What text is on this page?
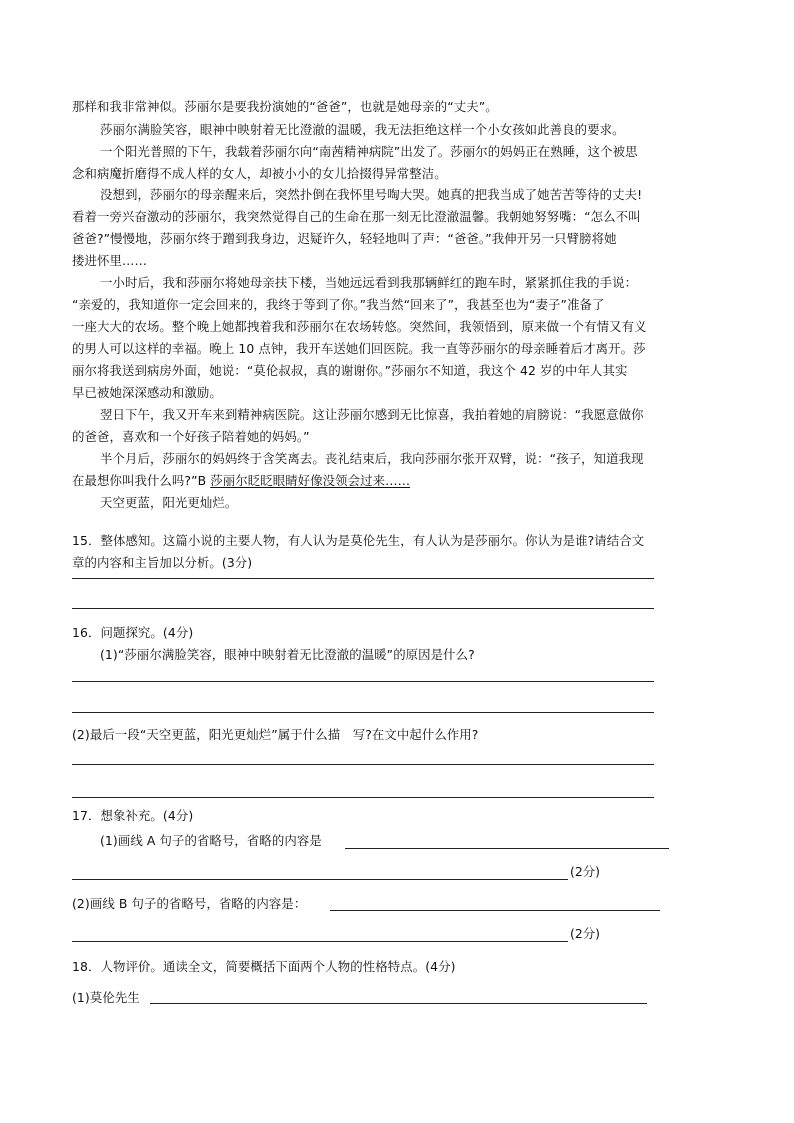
那样和我非常神似。莎丽尔是要我扮演她的“爸爸”，也就是她母亲的“丈夫”。
莎丽尔满脸笑容，眼神中映射着无比澄澈的温暖，我无法拒绝这样一个小女孩如此善良的要求。
一个阳光普照的下午，我载着莎丽尔向“南茜精神病院”出发了。莎丽尔的妈妈正在熟睡，这个被思
念和病魔折磨得不成人样的女人，却被小小的女儿拾掇得异常整洁。
没想到，莎丽尔的母亲醒来后，突然扑倒在我怀里号啕大哭。她真的把我当成了她苦苦等待的丈夫!
看着一旁兴奋激动的莎丽尔，我突然觉得自己的生命在那一刻无比澄澈温馨。我朝她努努嘴：“怎么不叫
爸爸?”慢慢地，莎丽尔终于蹭到我身边，迟疑许久，轻轻地叫了声：“爸爸。”我伸开另一只臂膀将她
搂进怀里……
一小时后，我和莎丽尔将她母亲扶下楼，当她远远看到我那辆鲜红的跑车时，紧紧抓住我的手说：
“亲爱的，我知道你一定会回来的，我终于等到了你。”我当然“回来了”，我甚至也为“妻子”准备了
一座大大的农场。整个晚上她都拽着我和莎丽尔在农场转悠。突然间，我领悟到，原来做一个有情又有义
的男人可以这样的幸福。晚上 10 点钟，我开车送她们回医院。我一直等莎丽尔的母亲睡着后才离开。莎
丽尔将我送到病房外面，她说：“莫伦叔叔，真的谢谢你。”莎丽尔不知道，我这个 42 岁的中年人其实
早已被她深深感动和激励。
翌日下午，我又开车来到精神病医院。这让莎丽尔感到无比惊喜，我拍着她的肩膀说：“我愿意做你
的爸爸，喜欢和一个好孩子陪着她的妈妈。”
半个月后，莎丽尔的妈妈终于含笑离去。丧礼结束后，我向莎丽尔张开双臂，说：“孩子，知道我现
在最想你叫我什么吗?”B 莎丽尔眨眨眼睛好像没领会过来……
天空更蓝，阳光更灿烂。
15．整体感知。这篇小说的主要人物，有人认为是莫伦先生，有人认为是莎丽尔。你认为是谁?请结合文
章的内容和主旨加以分析。(3分)
16．问题探究。(4分)
(1)“莎丽尔满脸笑容，眼神中映射着无比澄澈的温暖”的原因是什么?
(2)最后一段“天空更蓝，阳光更灿烂”属于什么描　写?在文中起什么作用?
17．想象补充。(4分)
(1)画线 A 句子的省略号，省略的内容是
(2分)
(2)画线 B 句子的省略号，省略的内容是：
(2分)
18．人物评价。通读全文，简要概括下面两个人物的性格特点。(4分)
(1)莫伦先生
